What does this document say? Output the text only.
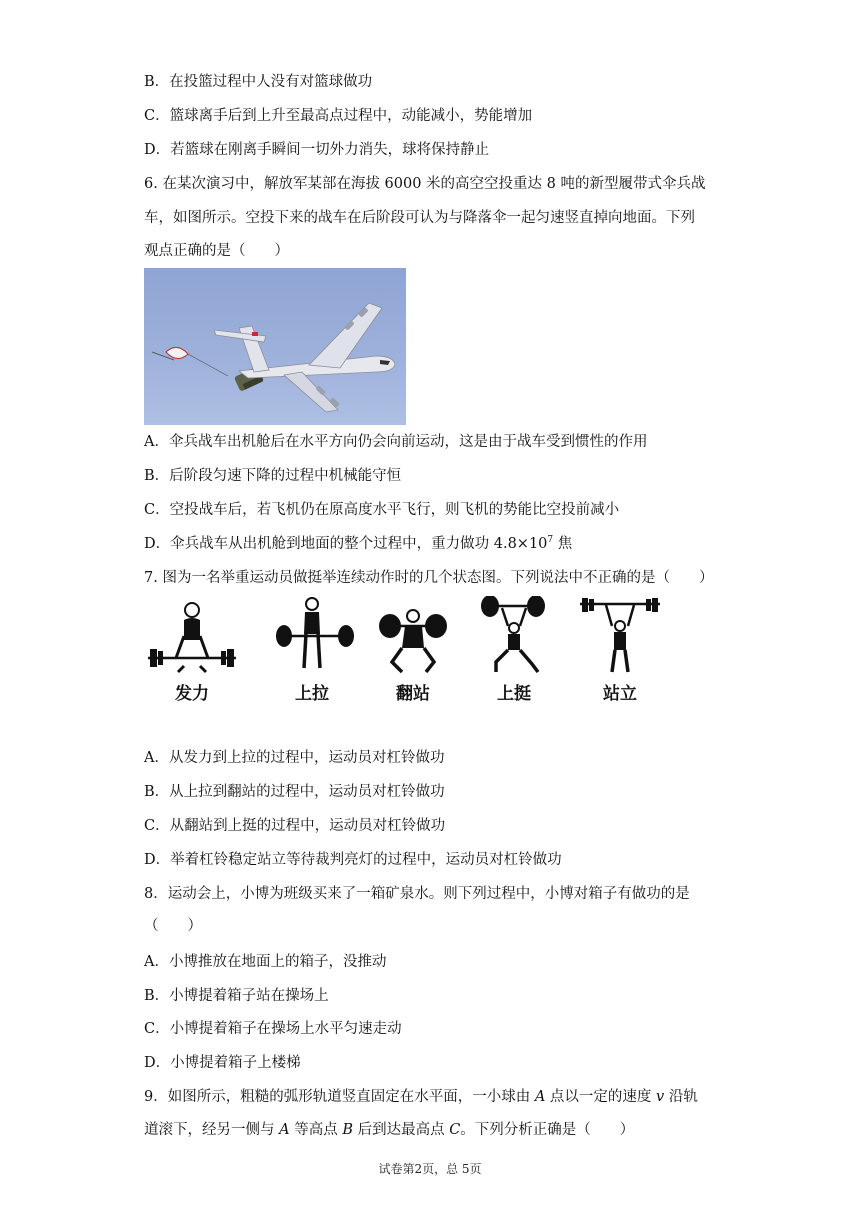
B．在投篮过程中人没有对篮球做功
C．篮球离手后到上升至最高点过程中，动能减小，势能增加
D．若篮球在刚离手瞬间一切外力消失，球将保持静止
6. 在某次演习中，解放军某部在海拔 6000 米的高空空投重达 8 吨的新型履带式伞兵战
车，如图所示。空投下来的战车在后阶段可认为与降落伞一起匀速竖直掉向地面。下列
观点正确的是（　　）
A．伞兵战车出机舱后在水平方向仍会向前运动，这是由于战车受到惯性的作用
B．后阶段匀速下降的过程中机械能守恒
C．空投战车后，若飞机仍在原高度水平飞行，则飞机的势能比空投前减小
D．伞兵战车从出机舱到地面的整个过程中，重力做功 $4.8\times 10^7$ 焦
7. 图为一名举重运动员做挺举连续动作时的几个状态图。下列说法中不正确的是（　　）
发力	上拉	翻站	上挺	站立
A．从发力到上拉的过程中，运动员对杠铃做功
B．从上拉到翻站的过程中，运动员对杠铃做功
C．从翻站到上挺的过程中，运动员对杠铃做功
D．举着杠铃稳定站立等待裁判亮灯的过程中，运动员对杠铃做功
8．运动会上，小博为班级买来了一箱矿泉水。则下列过程中，小博对箱子有做功的是
（　　）
A．小博推放在地面上的箱子，没推动
B．小博提着箱子站在操场上
C．小博提着箱子在操场上水平匀速走动
D．小博提着箱子上楼梯
9．如图所示，粗糙的弧形轨道竖直固定在水平面，一小球由 A 点以一定的速度 v 沿轨
道滚下，经另一侧与 A 等高点 B 后到达最高点 C。下列分析正确是（　　）
试卷第2页，总 5页
